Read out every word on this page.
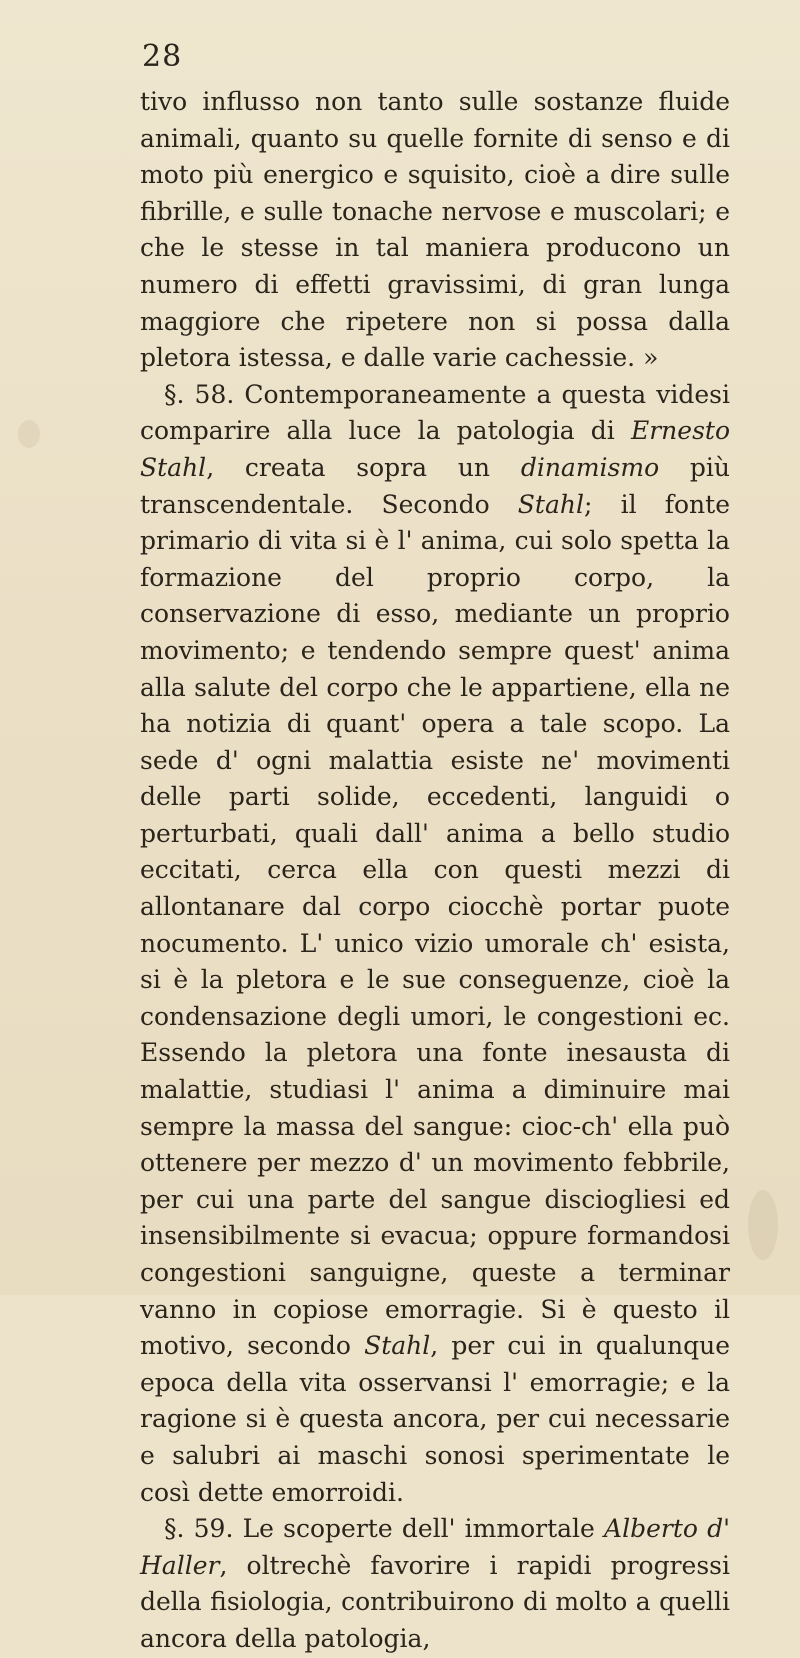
28

tivo influsso non tanto sulle sostanze fluide animali, quanto su quelle fornite di senso e di moto più energico e squisito, cioè a dire sulle fibrille, e sulle tonache nervose e muscolari; e che le stesse in tal maniera producono un numero di effetti gravissimi, di gran lunga maggiore che ripetere non si possa dalla pletora istessa, e dalle varie cachessie. »

§. 58. Contemporaneamente a questa videsi comparire alla luce la patologia di Ernesto Stahl, creata sopra un dinamismo più transcendentale. Secondo Stahl; il fonte primario di vita si è l' anima, cui solo spetta la formazione del proprio corpo, la conservazione di esso, mediante un proprio movimento; e tendendo sempre quest' anima alla salute del corpo che le appartiene, ella ne ha notizia di quant' opera a tale scopo. La sede d' ogni malattia esiste ne' movimenti delle parti solide, eccedenti, languidi o perturbati, quali dall' anima a bello studio eccitati, cerca ella con questi mezzi di allontanare dal corpo ciocchè portar puote nocumento. L' unico vizio umorale ch' esista, si è la pletora e le sue conseguenze, cioè la condensazione degli umori, le congestioni ec. Essendo la pletora una fonte inesausta di malattie, studiasi l' anima a diminuire mai sempre la massa del sangue: cioc-ch' ella può ottenere per mezzo d' un movimento febbrile, per cui una parte del sangue disciogliesi ed insensibilmente si evacua; oppure formandosi congestioni sanguigne, queste a terminar vanno in copiose emorragie. Si è questo il motivo, secondo Stahl, per cui in qualunque epoca della vita osservansi l' emorragie; e la ragione si è questa ancora, per cui necessarie e salubri ai maschi sonosi sperimentate le così dette emorroidi.

§. 59. Le scoperte dell' immortale Alberto d' Haller, oltrechè favorire i rapidi progressi della fisiologia, contribuirono di molto a quelli ancora della patologia,
